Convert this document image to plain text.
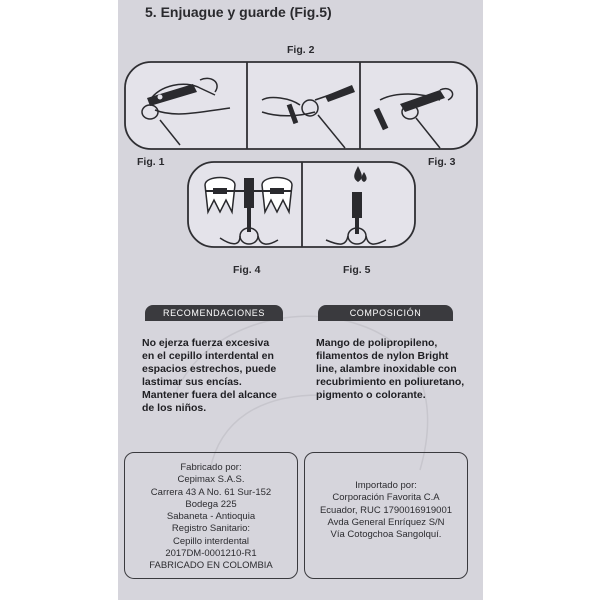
5. Enjuague y guarde (Fig.5)
Fig. 2
Fig. 1	Fig. 3
Fig. 4	Fig. 5
RECOMENDACIONES	COMPOSICIÓN
No ejerza fuerza excesiva
en el cepillo interdental en
espacios estrechos, puede
lastimar sus encías.
Mantener fuera del alcance
de los niños.
Mango de polipropileno,
filamentos de nylon Bright
line, alambre inoxidable con
recubrimiento en poliuretano,
pigmento o colorante.
Fabricado por:
Cepimax S.A.S.
Carrera 43 A No. 61 Sur-152
Bodega 225
Sabaneta - Antioquia
Registro Sanitario:
Cepillo interdental
2017DM-0001210-R1
FABRICADO EN COLOMBIA
Importado por:
Corporación Favorita C.A
Ecuador, RUC 1790016919001
Avda General Enríquez S/N
Vía Cotogchoa Sangolquí.
